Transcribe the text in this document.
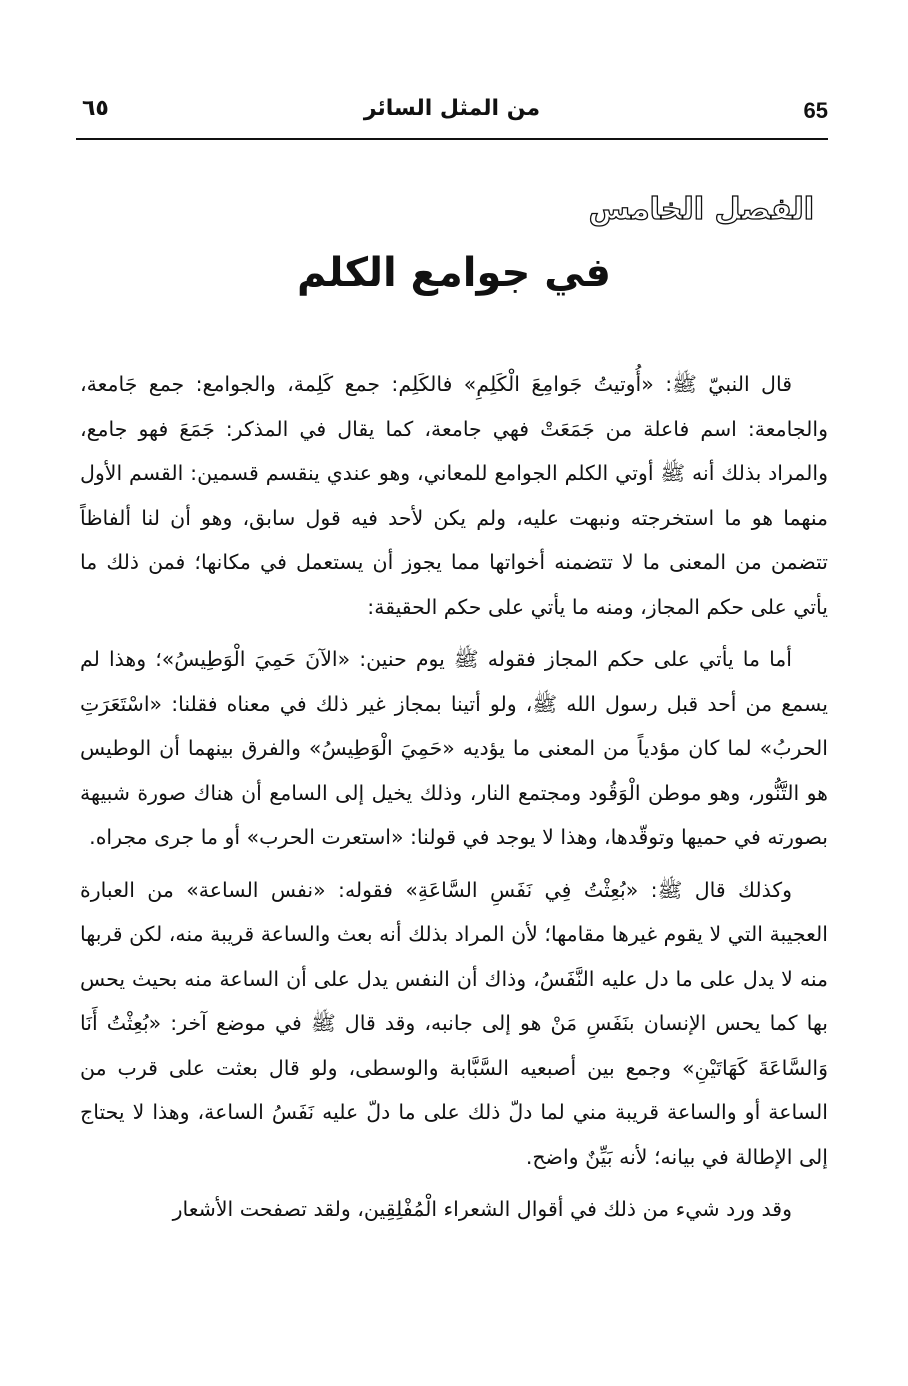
65
من المثل السائر
٦٥
الفصل الخامس
في جوامع الكلم

قال النبيّ ﷺ: «أُوتيتُ جَوامِعَ الْكَلِمِ» فالكَلِم: جمع كَلِمة، والجوامع: جمع جَامعة، والجامعة: اسم فاعلة من جَمَعَتْ فهي جامعة، كما يقال في المذكر: جَمَعَ فهو جامع، والمراد بذلك أنه ﷺ أوتي الكلم الجوامع للمعاني، وهو عندي ينقسم قسمين: القسم الأول منهما هو ما استخرجته ونبهت عليه، ولم يكن لأحد فيه قول سابق، وهو أن لنا ألفاظاً تتضمن من المعنى ما لا تتضمنه أخواتها مما يجوز أن يستعمل في مكانها؛ فمن ذلك ما يأتي على حكم المجاز، ومنه ما يأتي على حكم الحقيقة:

أما ما يأتي على حكم المجاز فقوله ﷺ يوم حنين: «الآنَ حَمِيَ الْوَطِيسُ»؛ وهذا لم يسمع من أحد قبل رسول الله ﷺ، ولو أتينا بمجاز غير ذلك في معناه فقلنا: «اسْتَعَرَتِ الحربُ» لما كان مؤدياً من المعنى ما يؤديه «حَمِيَ الْوَطِيسُ» والفرق بينهما أن الوطيس هو التَّنُّور، وهو موطن الْوَقُود ومجتمع النار، وذلك يخيل إلى السامع أن هناك صورة شبيهة بصورته في حميها وتوقّدها، وهذا لا يوجد في قولنا: «استعرت الحرب» أو ما جرى مجراه.

وكذلك قال ﷺ: «بُعِثْتُ فِي نَفَسِ السَّاعَةِ» فقوله: «نفس الساعة» من العبارة العجيبة التي لا يقوم غيرها مقامها؛ لأن المراد بذلك أنه بعث والساعة قريبة منه، لكن قربها منه لا يدل على ما دل عليه النَّفَسُ، وذاك أن النفس يدل على أن الساعة منه بحيث يحس بها كما يحس الإنسان بنَفَسِ مَنْ هو إلى جانبه، وقد قال ﷺ في موضع آخر: «بُعِثْتُ أَنَا وَالسَّاعَةَ كَهَاتَيْنِ» وجمع بين أصبعيه السَّبَّابة والوسطى، ولو قال بعثت على قرب من الساعة أو والساعة قريبة مني لما دلّ ذلك على ما دلّ عليه نَفَسُ الساعة، وهذا لا يحتاج إلى الإطالة في بيانه؛ لأنه بَيِّنٌ واضح.

وقد ورد شيء من ذلك في أقوال الشعراء الْمُفْلِقِين، ولقد تصفحت الأشعار
